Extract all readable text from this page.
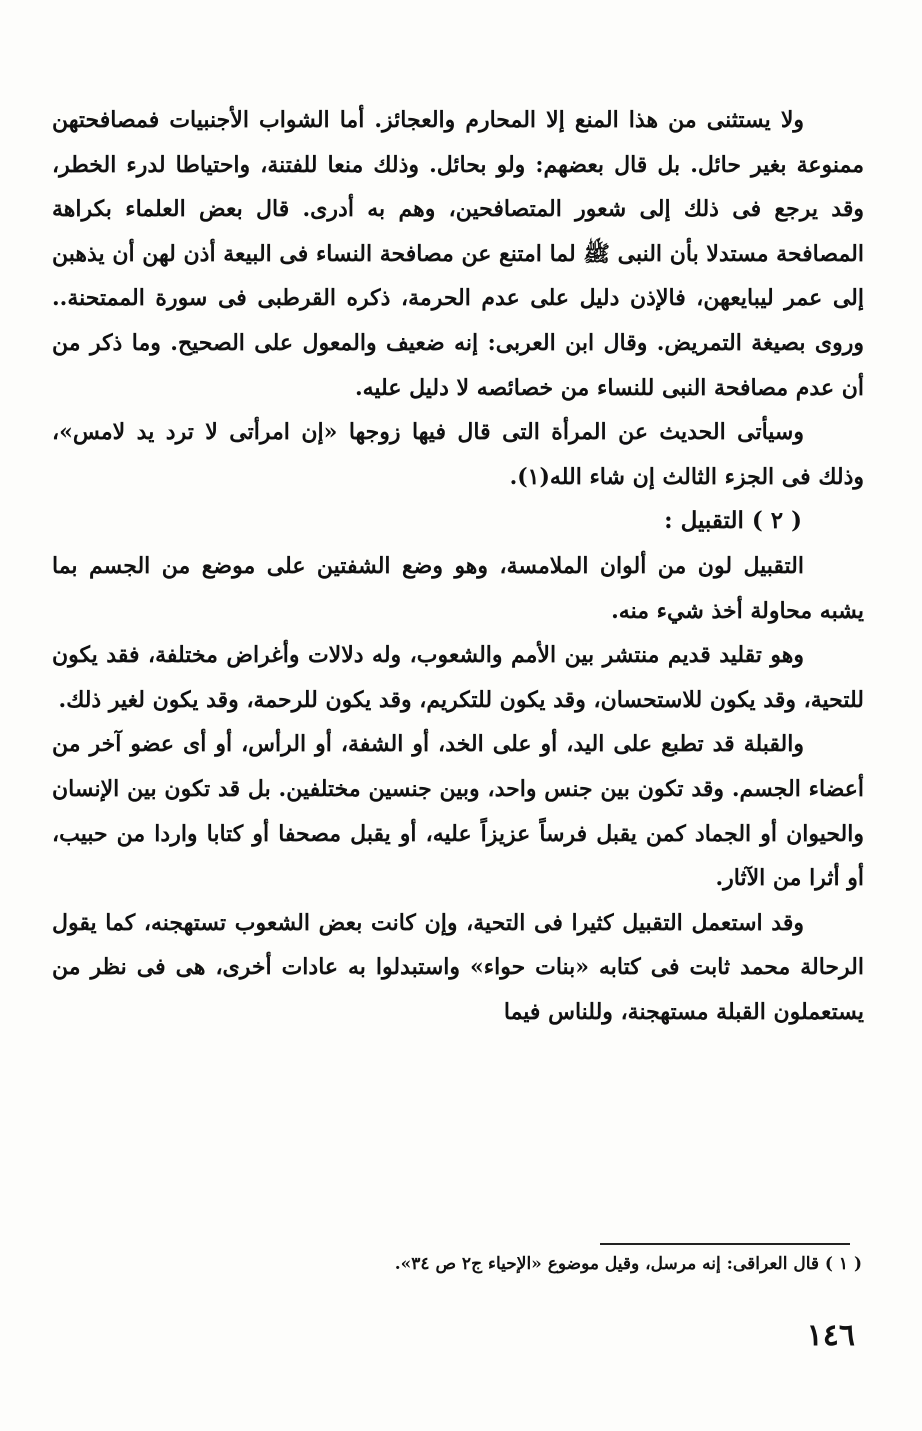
ولا يستثنى من هذا المنع إلا المحارم والعجائز. أما الشواب الأجنبيات فمصافحتهن ممنوعة بغير حائل. بل قال بعضهم: ولو بحائل. وذلك منعا للفتنة، واحتياطا لدرء الخطر، وقد يرجع فى ذلك إلى شعور المتصافحين، وهم به أدرى. قال بعض العلماء بكراهة المصافحة مستدلا بأن النبى ﷺ لما امتنع عن مصافحة النساء فى البيعة أذن لهن أن يذهبن إلى عمر ليبايعهن، فالإذن دليل على عدم الحرمة، ذكره القرطبى فى سورة الممتحنة.. وروى بصيغة التمريض. وقال ابن العربى: إنه ضعيف والمعول على الصحيح. وما ذكر من أن عدم مصافحة النبى للنساء من خصائصه لا دليل عليه.

وسيأتى الحديث عن المرأة التى قال فيها زوجها «إن امرأتى لا ترد يد لامس»، وذلك فى الجزء الثالث إن شاء الله(١).

( ٢ ) التقبيل :

التقبيل لون من ألوان الملامسة، وهو وضع الشفتين على موضع من الجسم بما يشبه محاولة أخذ شيء منه.

وهو تقليد قديم منتشر بين الأمم والشعوب، وله دلالات وأغراض مختلفة، فقد يكون للتحية، وقد يكون للاستحسان، وقد يكون للتكريم، وقد يكون للرحمة، وقد يكون لغير ذلك.

والقبلة قد تطبع على اليد، أو على الخد، أو الشفة، أو الرأس، أو أى عضو آخر من أعضاء الجسم. وقد تكون بين جنس واحد، وبين جنسين مختلفين. بل قد تكون بين الإنسان والحيوان أو الجماد كمن يقبل فرساً عزيزاً عليه، أو يقبل مصحفا أو كتابا واردا من حبيب، أو أثرا من الآثار.

وقد استعمل التقبيل كثيرا فى التحية، وإن كانت بعض الشعوب تستهجنه، كما يقول الرحالة محمد ثابت فى كتابه «بنات حواء» واستبدلوا به عادات أخرى، هى فى نظر من يستعملون القبلة مستهجنة، وللناس فيما

( ١ ) قال العراقى: إنه مرسل، وقيل موضوع «الإحياء ج٢ ص ٣٤».
١٤٦
